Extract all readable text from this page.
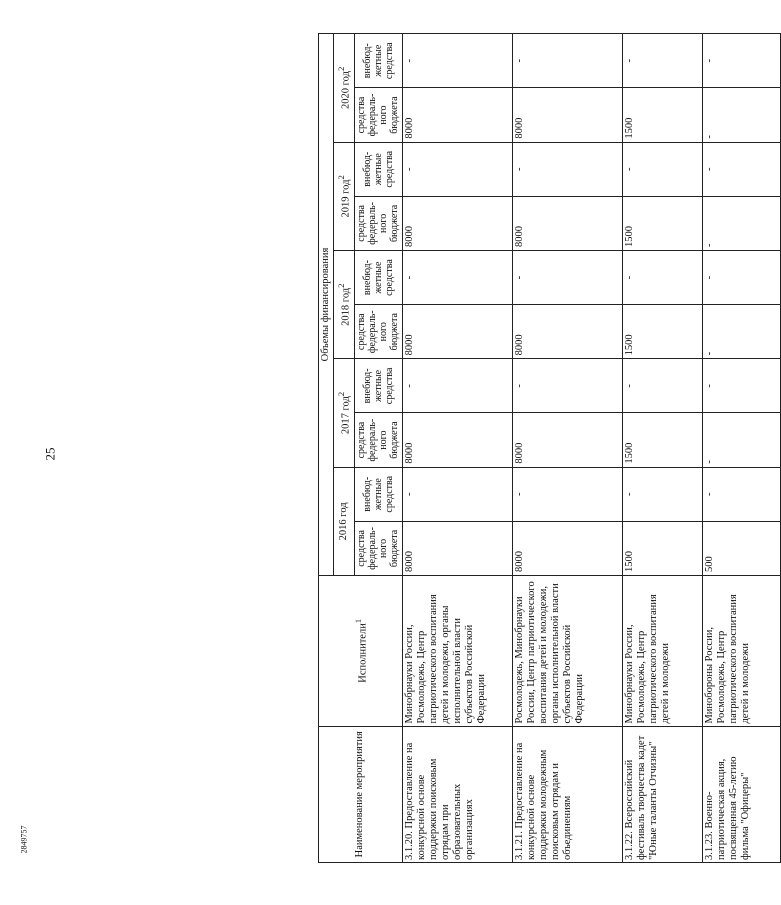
25
2849757	Наименование мероприятия	Исполнители$^1$	Объемы финансирования									
		2016 год		2017 год$^2$		2018 год$^2$		2019 год$^2$		2020 год$^2$
		средства федераль-ного бюджета	внебюд-жетные средства	средства федераль-ного бюджета	внебюд-жетные средства	средства федераль-ного бюджета	внебюд-жетные средства	средства федераль-ного бюджета	внебюд-жетные средства	средства федераль-ного бюджета	внебюд-жетные средства
3.1.20. Предоставление на конкурсной основе поддержки поисковым отрядам при образовательных организациях	Минобрнауки России, Росмолодежь, Центр патриотического воспитания детей и молодежи, органы исполнительной власти субъектов Российской Федерации	8000	-	8000	-	8000	-	8000	-	8000	-
3.1.21. Предоставление на конкурсной основе поддержки молодежным поисковым отрядам и объединениям	Росмолодежь, Минобрнауки России, Центр патриотического воспитания детей и молодежи, органы исполнительной власти субъектов Российской Федерации	8000	-	8000	-	8000	-	8000	-	8000	-
3.1.22. Всероссийский фестиваль творчества кадет "Юные таланты Отчизны"	Минобрнауки России, Росмолодежь, Центр патриотического воспитания детей и молодежи	1500	-	1500	-	1500	-	1500	-	1500	-
3.1.23. Военно-патриотическая акция, посвященная 45-летию фильма "Офицеры"	Минобороны России, Росмолодежь, Центр патриотического воспитания детей и молодежи	500	-	-	-	-	-	-	-	-	-
